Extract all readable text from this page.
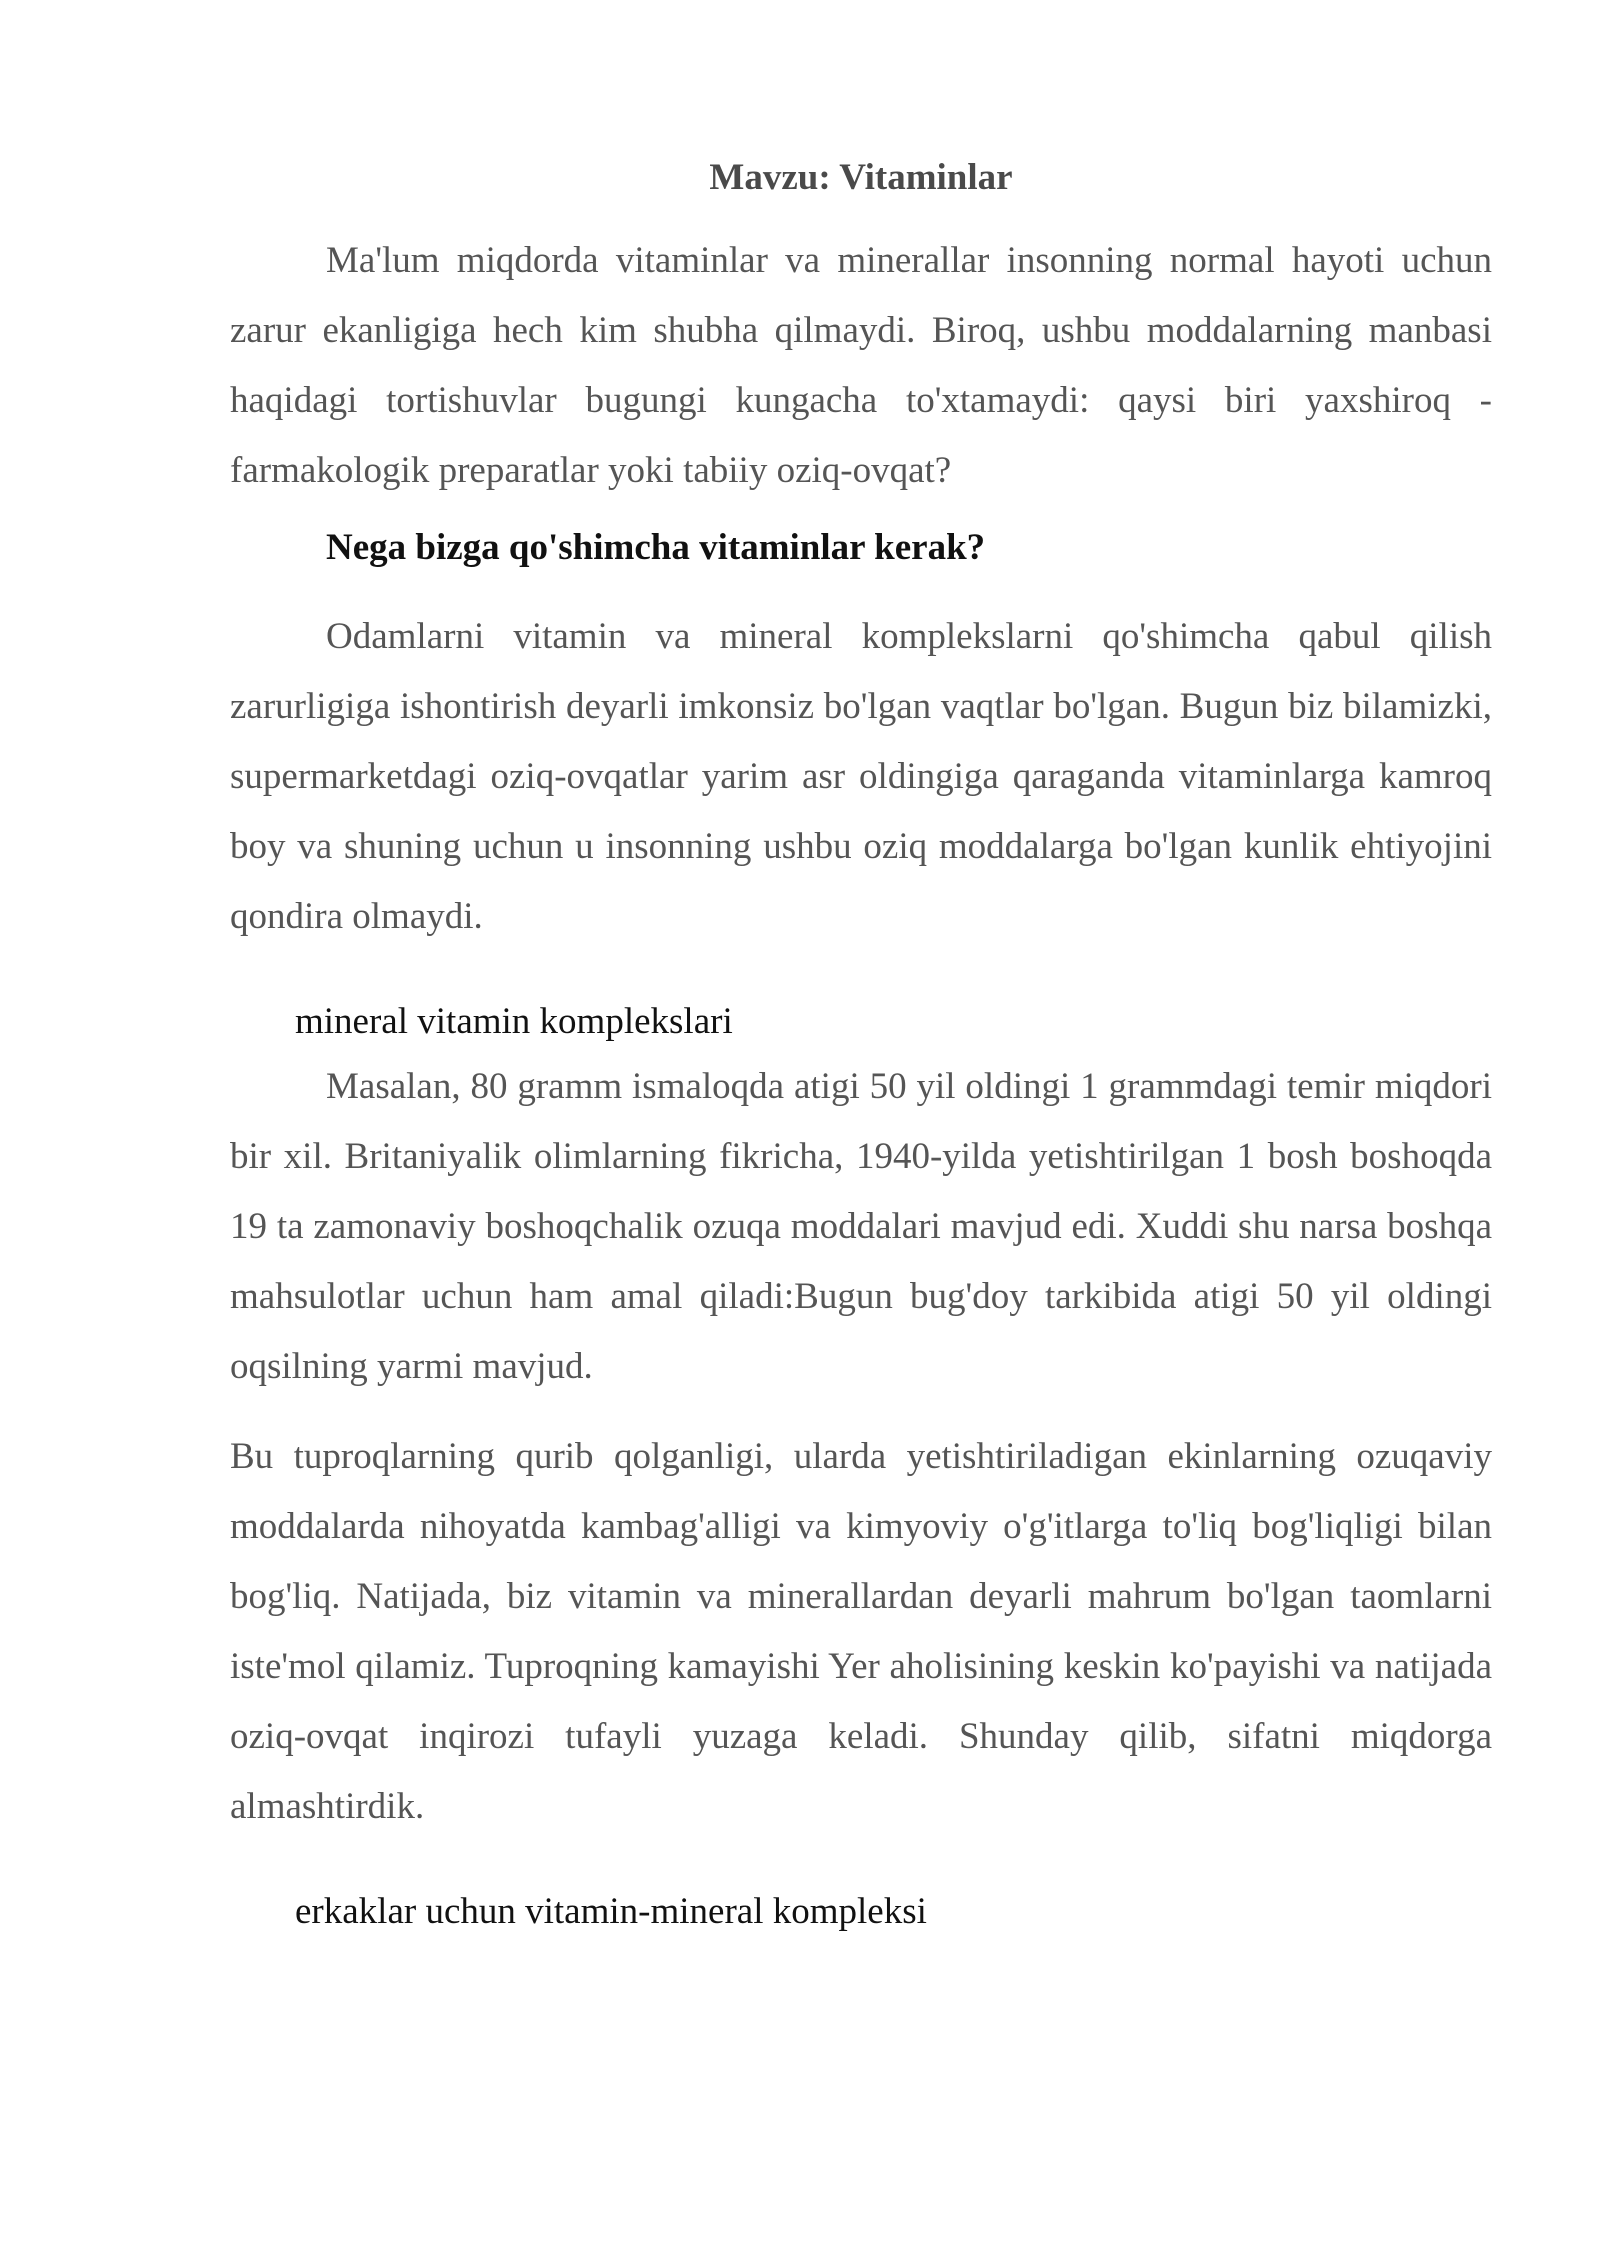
Mavzu: Vitaminlar

Ma'lum miqdorda vitaminlar va minerallar insonning normal hayoti uchun zarur ekanligiga hech kim shubha qilmaydi. Biroq, ushbu moddalarning manbasi haqidagi tortishuvlar bugungi kungacha to'xtamaydi: qaysi biri yaxshiroq - farmakologik preparatlar yoki tabiiy oziq-ovqat?

Nega bizga qo'shimcha vitaminlar kerak?

Odamlarni vitamin va mineral komplekslarni qo'shimcha qabul qilish zarurligiga ishontirish deyarli imkonsiz bo'lgan vaqtlar bo'lgan. Bugun biz bilamizki, supermarketdagi oziq-ovqatlar yarim asr oldingiga qaraganda vitaminlarga kamroq boy va shuning uchun u insonning ushbu oziq moddalarga bo'lgan kunlik ehtiyojini qondira olmaydi.

mineral vitamin komplekslari

Masalan, 80 gramm ismaloqda atigi 50 yil oldingi 1 grammdagi temir miqdori bir xil. Britaniyalik olimlarning fikricha, 1940-yilda yetishtirilgan 1 bosh boshoqda 19 ta zamonaviy boshoqchalik ozuqa moddalari mavjud edi. Xuddi shu narsa boshqa mahsulotlar uchun ham amal qiladi:Bugun bug'doy tarkibida atigi 50 yil oldingi oqsilning yarmi mavjud.

Bu tuproqlarning qurib qolganligi, ularda yetishtiriladigan ekinlarning ozuqaviy moddalarda nihoyatda kambag'alligi va kimyoviy o'g'itlarga to'liq bog'liqligi bilan bog'liq. Natijada, biz vitamin va minerallardan deyarli mahrum bo'lgan taomlarni iste'mol qilamiz. Tuproqning kamayishi Yer aholisining keskin ko'payishi va natijada oziq-ovqat inqirozi tufayli yuzaga keladi. Shunday qilib, sifatni miqdorga almashtirdik.

erkaklar uchun vitamin-mineral kompleksi
